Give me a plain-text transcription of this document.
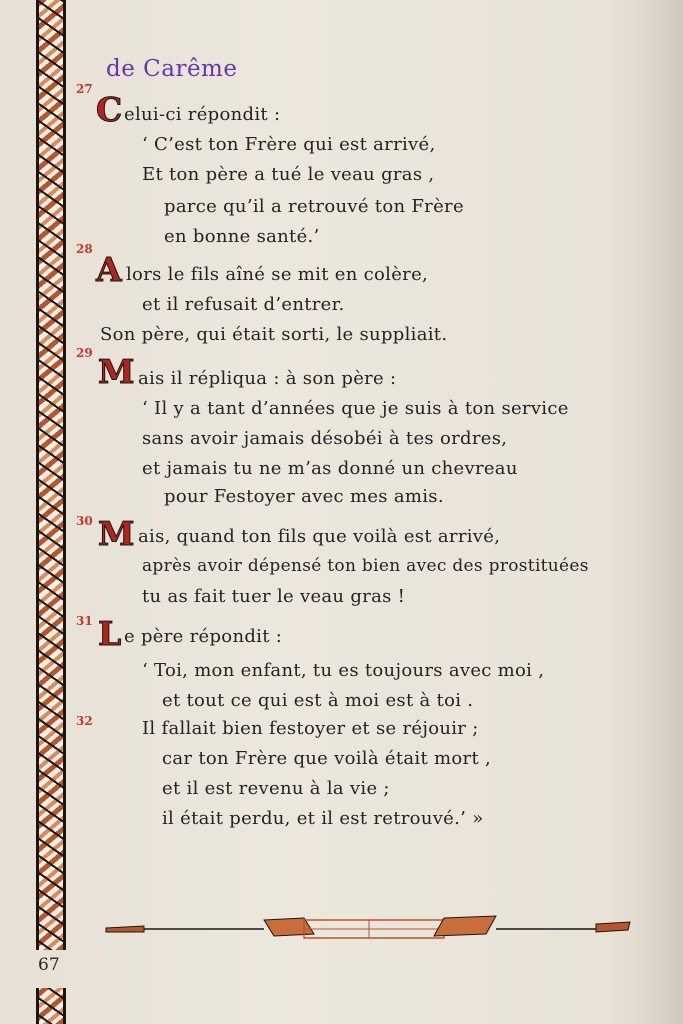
67
de Carême
27
C elui-ci répondit :
‘ C’est ton Frère qui est arrivé,
Et ton père a tué le veau gras ,
parce qu’il a retrouvé ton Frère
en bonne santé.’
28
A lors le fils aîné se mit en colère,
et il refusait d’entrer.
Son père, qui était sorti, le suppliait.
29 M ais il répliqua : à son père :
‘ Il y a tant d’années que je suis à ton service
sans avoir jamais désobéi à tes ordres,
et jamais tu ne m’as donné un chevreau
pour Festoyer avec mes amis.
30 M ais, quand ton fils que voilà est arrivé,
après avoir dépensé ton bien avec des prostituées
tu as fait tuer le veau gras !
31 L e père répondit :
‘ Toi, mon enfant, tu es toujours avec moi ,
et tout ce qui est à moi est à toi .
32	Il fallait bien festoyer et se réjouir ;
car ton Frère que voilà était mort ,
et il est revenu à la vie ;
il était perdu, et il est retrouvé.’ »
